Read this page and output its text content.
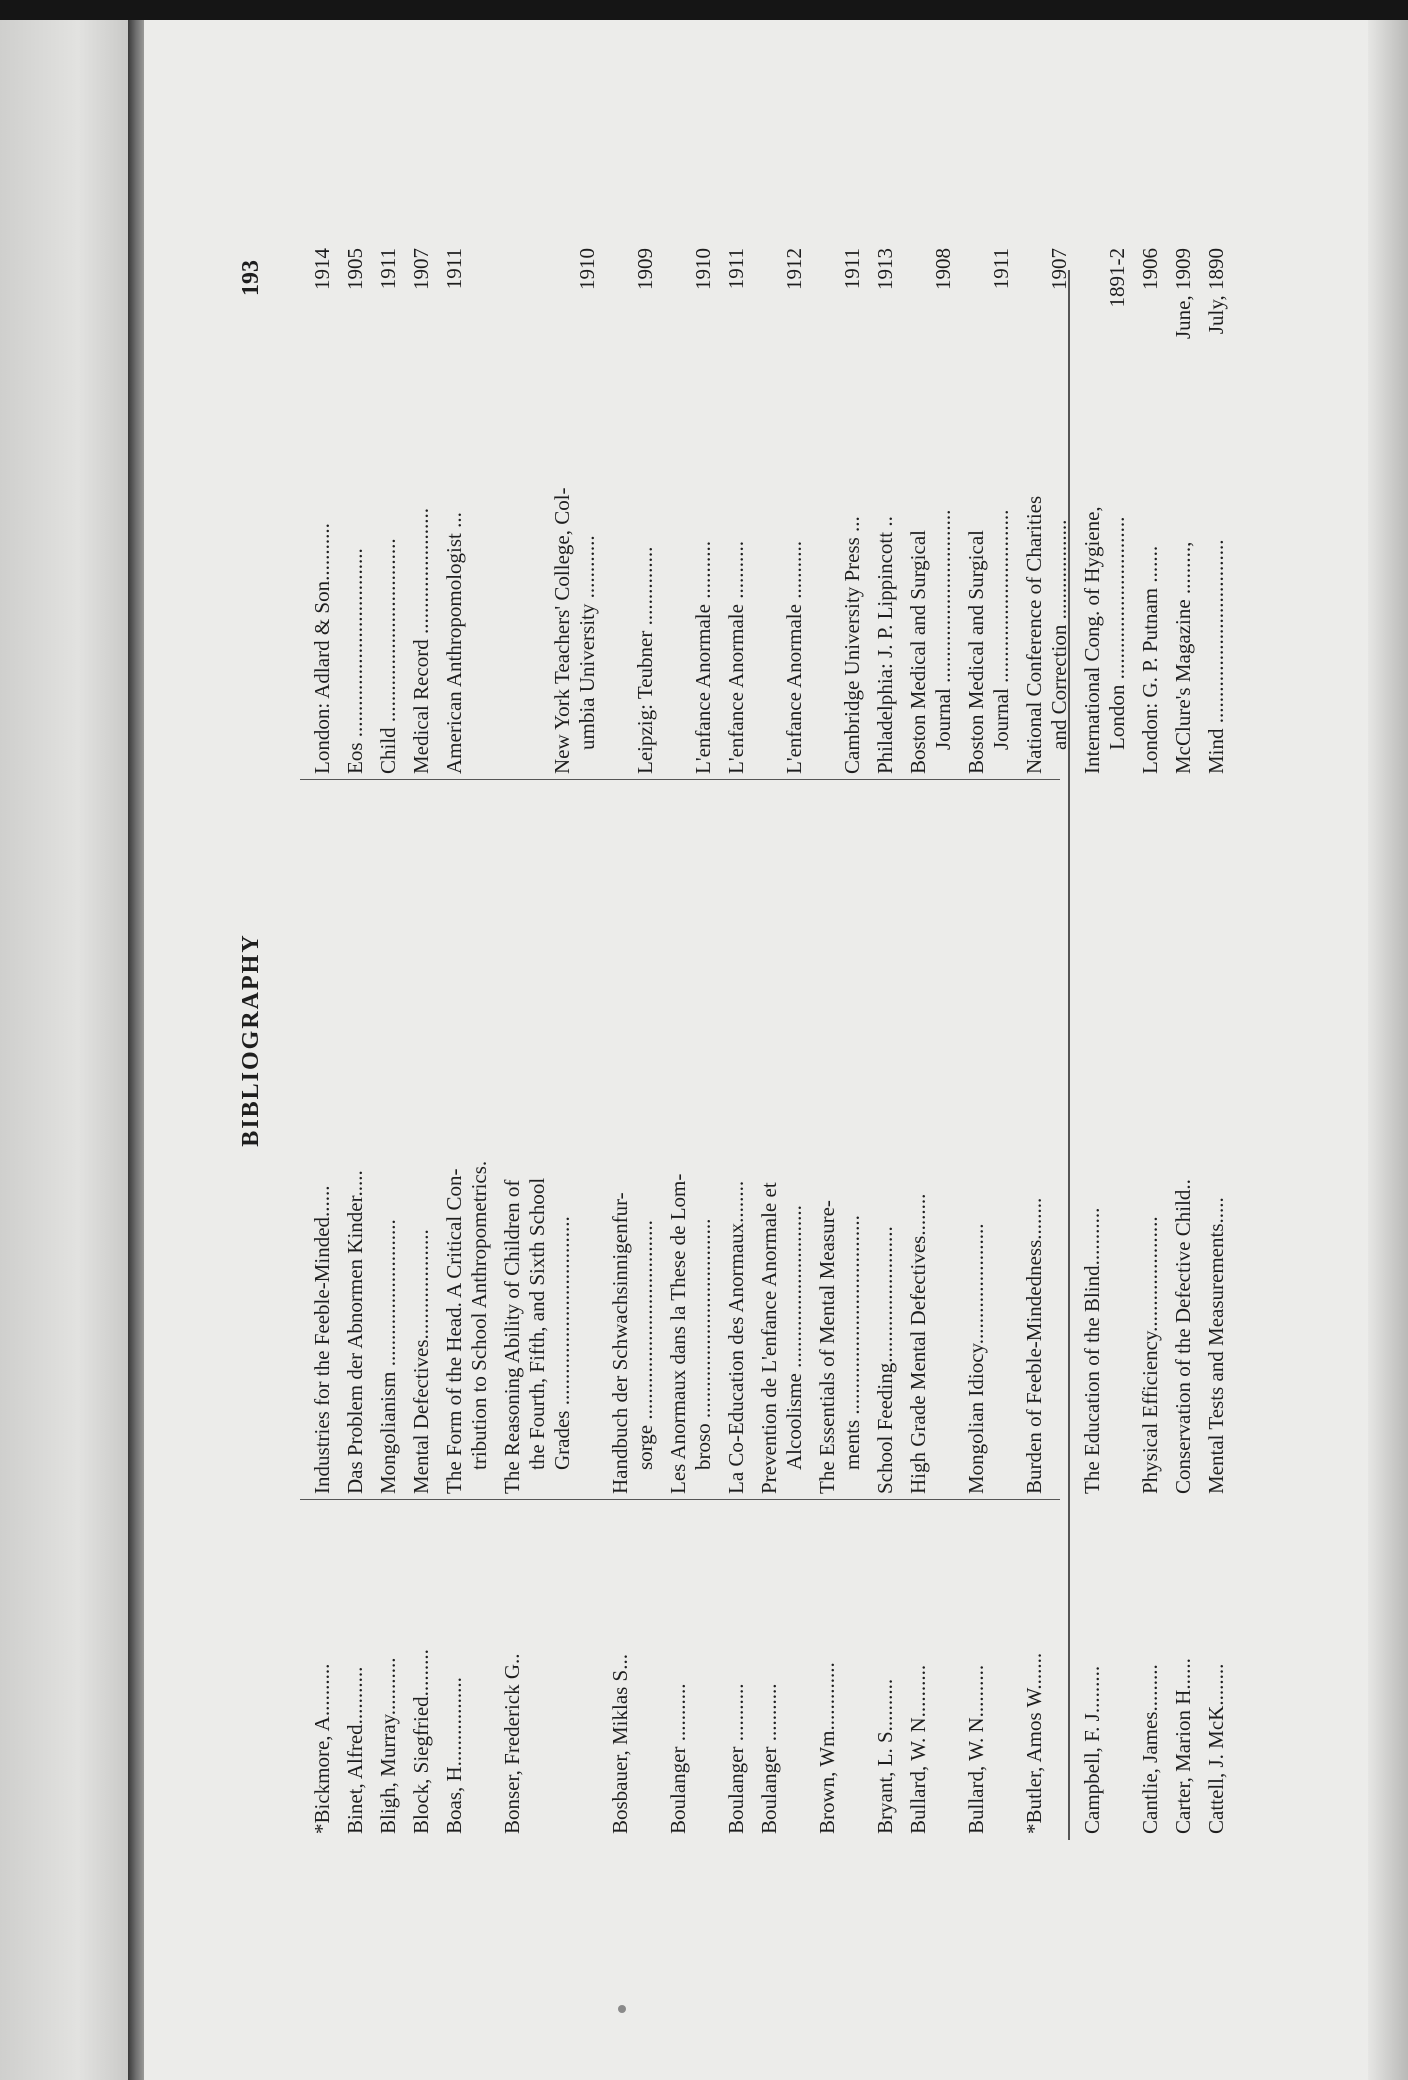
BIBLIOGRAPHY
193
*Bickmore, A..........
Industries for the Feeble-Minded......
London: Adlard & Son...........
1914
Binet, Alfred...........
Das Problem der Abnormen Kinder.....
Eos ....................................
1905
Bligh, Murray...........
Mongolianism ............................
Child ...................................
1911
Block, Siegfried.........
Mental Defectives.....................
Medical Record ........................
1907
Boas, H.................
The Form of the Head. A Critical Con- tribution to School Anthropometrics.
American Anthropomologist ...
1911
Bonser, Frederick G..
The Reasoning Ability of Children of the Fourth, Fifth, and Sixth School Grades ....................................

New York Teachers' College, Col- umbia University ............

1910
Bosbauer, Miklas S...
Handbuch der Schwachsinnigenfur- sorge ......................................

Leipzig: Teubner ...............

1909
Boulanger ...........
Les Anormaux dans la These de Lom- broso ......................................

L'enfance Anormale ...........

1910
Boulanger ...........
La Co-Education des Anormaux........
L'enfance Anormale ...........
1911
Boulanger ...........
Prevention de L'enfance Anormale et Alcoolisme ...............................

L'enfance Anormale ...........

1912
Brown, Wm.............
The Essentials of Mental Measure- ments ......................................

Cambridge University Press ...

1911
Bryant, L. S..........
School Feeding..........................
Philadelphia: J. P. Lippincott ..
1913
Bullard, W. N..........
High Grade Mental Defectives........
Boston Medical and Surgical Journal .................................

1908
Bullard, W. N..........
Mongolian Idiocy.......................
Boston Medical and Surgical Journal .................................

1911
*Butler, Amos W.......
Burden of Feeble-Mindedness........
National Conference of Charities and Correction ...................

1907
Campbell, F. J.........
The Education of the Blind...........
International Cong. of Hygiene, London ...............................

1891-2
Cantlie, James.........
Physical Efficiency......................
London: G. P. Putnam .......
1906
Carter, Marion H......
Conservation of the Defective Child..
McClure's Magazine .........,
June, 1909
Cattell, J. McK........
Mental Tests and Measurements.....
Mind ...................................
July, 1890
